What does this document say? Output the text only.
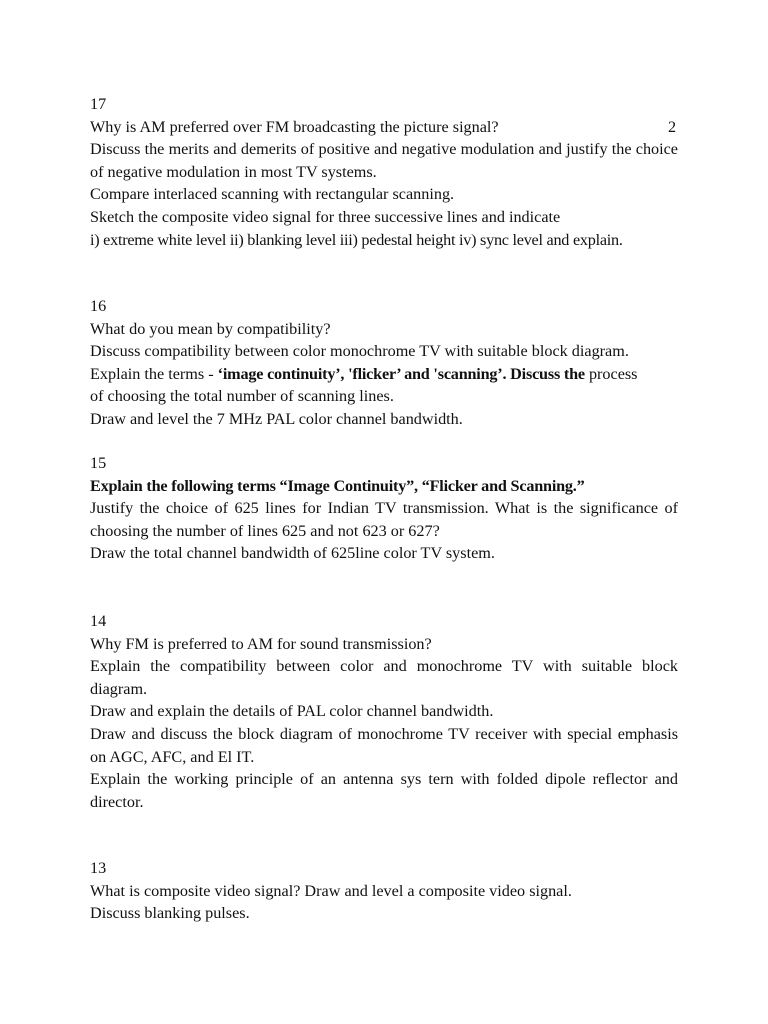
17
Why is AM preferred over FM broadcasting the picture signal?	2
Discuss the merits and demerits of positive and negative modulation and justify the choice of negative modulation in most TV systems.
Compare interlaced scanning with rectangular scanning.
Sketch the composite video signal for three successive lines and indicate
i) extreme white level ii) blanking level iii) pedestal height iv) sync level and explain.
16
What do you mean by compatibility?
Discuss compatibility between color monochrome TV with suitable block diagram.
Explain the terms - ‘image continuity’, 'flicker’ and 'scanning’. Discuss the process
of choosing the total number of scanning lines.
Draw and level the 7 MHz PAL color channel bandwidth.
15
Explain the following terms “Image Continuity”, “Flicker and Scanning.”
Justify the choice of 625 lines for Indian TV transmission. What is the significance of choosing the number of lines 625 and not 623 or 627?
Draw the total channel bandwidth of 625line color TV system.
14
Why FM is preferred to AM for sound transmission?
Explain the compatibility between color and monochrome TV with suitable block diagram.
Draw and explain the details of PAL color channel bandwidth.
Draw and discuss the block diagram of monochrome TV receiver with special emphasis on AGC, AFC, and El IT.
Explain the working principle of an antenna sys tern with folded dipole reflector and director.
13
What is composite video signal? Draw and level a composite video signal.
Discuss blanking pulses.
